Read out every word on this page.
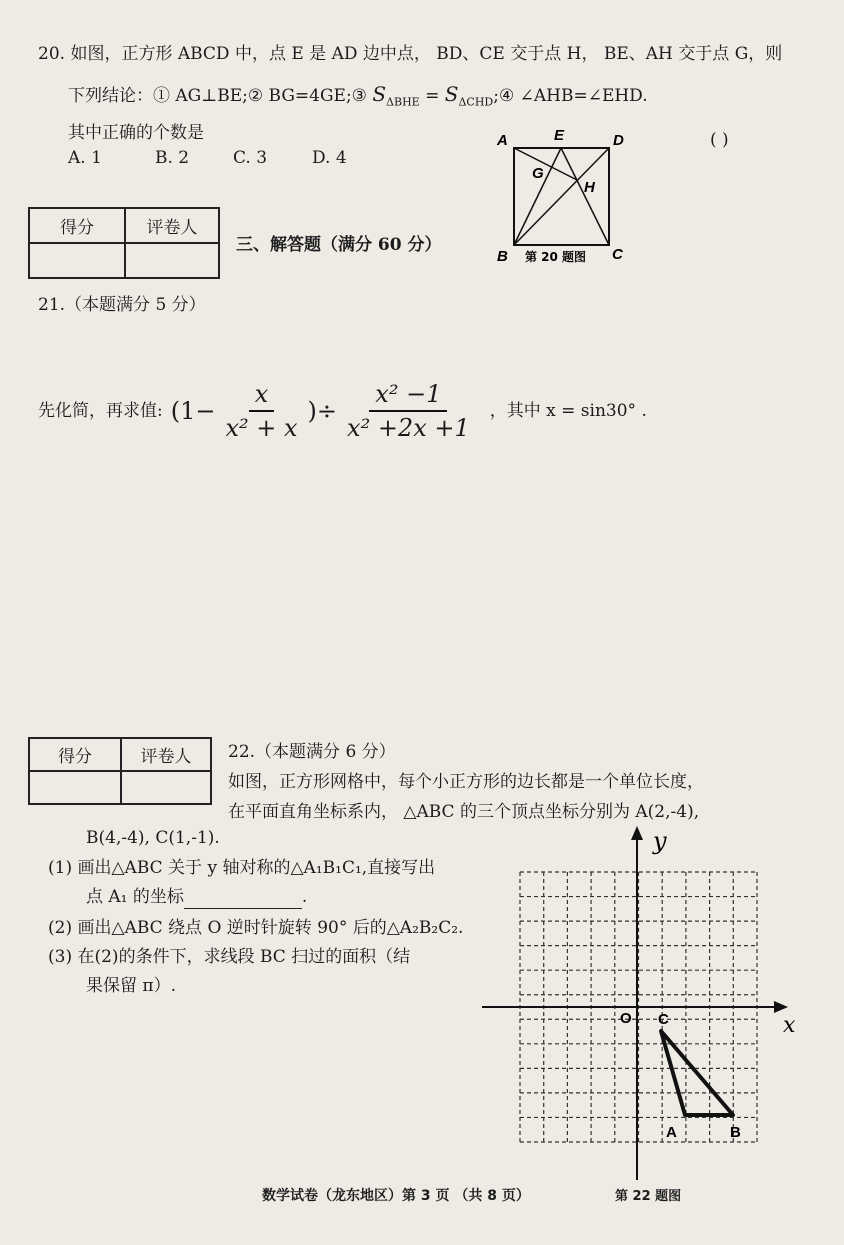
20. 如图，正方形 ABCD 中，点 E 是 AD 边中点， BD、CE 交于点 H， BE、AH 交于点 G，则
下列结论：① AG⊥BE;② BG=4GE;③ $S_{\Delta BHE}$ = $S_{\Delta CHD};④$ ∠AHB=∠EHD.
其中正确的个数是
A. 1	B. 2	C. 3	D. 4
( )
A	E	D
G
H
B	C
第 20 题图
得分	评卷人

三、解答题（满分 60 分）
21.（本题满分 5 分）
先化简，再求值: ($1- \frac{x}{\text{x² + x}}$ )÷ $\frac{\text{x² −1}}{\text{x² +2x +1}}$ ，其中 x = sin30° .
得分	评卷人
	22.（本题满分 6 分）
如图，正方形网格中，每个小正方形的边长都是一个单位长度，
在平面直角坐标系内， △ABC 的三个顶点坐标分别为 A(2,-4),
B(4,-4), C(1,-1).
(1) 画出△ABC 关于 y 轴对称的△A₁B₁C₁,直接写出
点 A₁ 的坐标	.
(2) 画出△ABC 绕点 O 逆时针旋转 90° 后的△A₂B₂C₂.
(3) 在(2)的条件下，求线段 BC 扫过的面积（结
果保留 π）.
y
x
O C
A	B
第 22 题图
数学试卷（龙东地区）第 3 页 （共 8 页）
